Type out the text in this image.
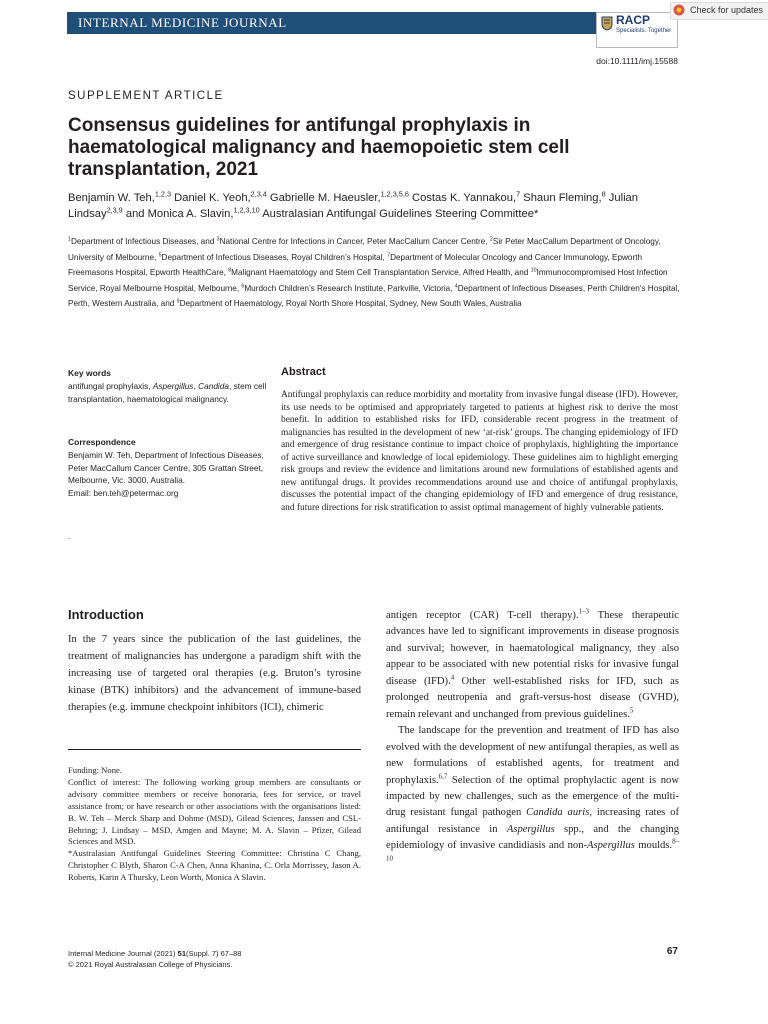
INTERNAL MEDICINE JOURNAL	RACP
Specialists. Together
Check for updates
doi:10.1111/imj.15588
SUPPLEMENT ARTICLE
Consensus guidelines for antifungal prophylaxis in haematological malignancy and haemopoietic stem cell transplantation, 2021
Benjamin W. Teh,$^{1,2,3}$ Daniel K. Yeoh,$^{2,3,4}$ Gabrielle M. Haeusler,$^{1,2,3,5,6}$ Costas K. Yannakou,$^7$ Shaun Fleming,$^8$ Julian Lindsay$^{2,3,9}$ and Monica A. Slavin,$^{1,2,3,10}$ Australasian Antifungal Guidelines Steering Committee*
$^1$Department of Infectious Diseases, and $^3$National Centre for Infections in Cancer, Peter MacCallum Cancer Centre, $^2$Sir Peter MacCallum Department of Oncology, University of Melbourne, $^5$Department of Infectious Diseases, Royal Children’s Hospital, $^7$Department of Molecular Oncology and Cancer Immunology, Epworth Freemasons Hospital, Epworth HealthCare, $^8$Malignant Haematology and Stem Cell Transplantation Service, Alfred Health, and $^{10}$Immunocompromised Host Infection Service, Royal Melbourne Hospital, Melbourne, $^6$Murdoch Children’s Research Institute, Parkville, Victoria, $^4$Department of Infectious Diseases, Perth Children’s Hospital, Perth, Western Australia, and $^9$Department of Haematology, Royal North Shore Hospital, Sydney, New South Wales, Australia
Key words
antifungal prophylaxis, Aspergillus, Candida, stem cell transplantation, haematological malignancy.
Correspondence
Benjamin W. Teh, Department of Infectious Diseases, Peter MacCallum Cancer Centre, 305 Grattan Street, Melbourne, Vic. 3000, Australia.
Email: ben.teh@petermac.org
.
Abstract
Antifungal prophylaxis can reduce morbidity and mortality from invasive fungal disease (IFD). However, its use needs to be optimised and appropriately targeted to patients at highest risk to derive the most benefit. In addition to established risks for IFD, considerable recent progress in the treatment of malignancies has resulted in the development of new ‘at-risk’ groups. The changing epidemiology of IFD and emergence of drug resistance continue to impact choice of prophylaxis, highlighting the importance of active surveillance and knowledge of local epidemiology. These guidelines aim to highlight emerging risk groups and review the evidence and limitations around new formulations of established agents and new antifungal drugs. It provides recommendations around use and choice of antifungal prophylaxis, discusses the potential impact of the changing epidemiology of IFD and emergence of drug resistance, and future directions for risk stratification to assist optimal management of highly vulnerable patients.
Introduction
In the 7 years since the publication of the last guidelines, the treatment of malignancies has undergone a paradigm shift with the increasing use of targeted oral therapies (e.g. Bruton’s tyrosine kinase (BTK) inhibitors) and the advancement of immune-based therapies (e.g. immune checkpoint inhibitors (ICI), chimeric
Funding: None.
Conflict of interest: The following working group members are consultants or advisory committee members or receive honoraria, fees for service, or travel assistance from; or have research or other associations with the organisations listed: B. W. Teh – Merck Sharp and Dohme (MSD), Gilead Sciences, Janssen and CSL-Behring; J. Lindsay – MSD, Amgen and Mayne; M. A. Slavin – Pfizer, Gilead Sciences and MSD.
*Australasian Antifungal Guidelines Steering Committee: Christina C Chang, Christopher C Blyth, Sharon C-A Chen, Anna Khanina, C. Orla Morrissey, Jason A. Roberts, Karin A Thursky, Leon Worth, Monica A Slavin.

antigen receptor (CAR) T-cell therapy).$^{1-3}$ These therapeutic advances have led to significant improvements in disease prognosis and survival; however, in haematological malignancy, they also appear to be associated with new potential risks for invasive fungal disease (IFD).$^4$ Other well-established risks for IFD, such as prolonged neutropenia and graft-versus-host disease (GVHD), remain relevant and unchanged from previous guidelines.$^5$

The landscape for the prevention and treatment of IFD has also evolved with the development of new antifungal therapies, as well as new formulations of established agents, for treatment and prophylaxis.$^{6,7}$ Selection of the optimal prophylactic agent is now impacted by new challenges, such as the emergence of the multi-drug resistant fungal pathogen Candida auris, increasing rates of antifungal resistance in Aspergillus spp., and the changing epidemiology of invasive candidiasis and non-Aspergillus moulds.$^{8-10}$

Internal Medicine Journal (2021) 51(Suppl. 7) 67–88
© 2021 Royal Australasian College of Physicians.
67
